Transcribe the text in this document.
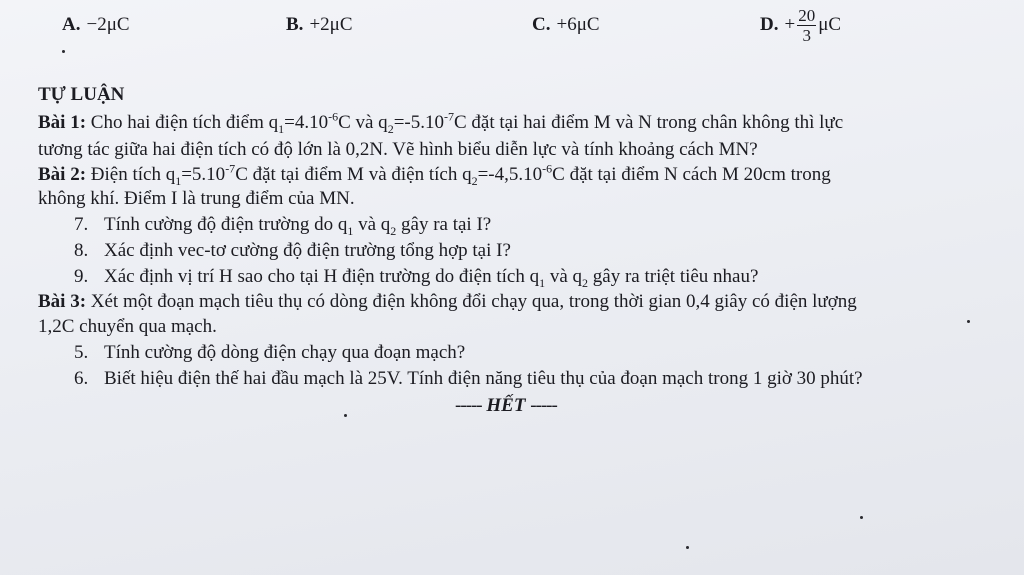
A. −2μC	B. +2μC	C. +6μC	D. + $\frac{20}{3}$ μC
TỰ LUẬN
Bài 1: Cho hai điện tích điểm $q_1=4.10^{-6}C$ và $q_2=-5.10^{-7}C$ đặt tại hai điểm M và N trong chân không thì lực
tương tác giữa hai điện tích có độ lớn là 0,2N. Vẽ hình biểu diễn lực và tính khoảng cách MN?
Bài 2: Điện tích $q_1=5.10^{-7}C$ đặt tại điểm M và điện tích $q_2=-4,5.10^{-6}C$ đặt tại điểm N cách M 20cm trong
không khí. Điểm I là trung điểm của MN.
7. Tính cường độ điện trường do $q_1$ và $q_2$ gây ra tại I?
8. Xác định vec-tơ cường độ điện trường tổng hợp tại I?
9. Xác định vị trí H sao cho tại H điện trường do điện tích $q_1$ và $q_2$ gây ra triệt tiêu nhau?
Bài 3: Xét một đoạn mạch tiêu thụ có dòng điện không đổi chạy qua, trong thời gian 0,4 giây có điện lượng
1,2C chuyển qua mạch.
5. Tính cường độ dòng điện chạy qua đoạn mạch?
6. Biết hiệu điện thế hai đầu mạch là 25V. Tính điện năng tiêu thụ của đoạn mạch trong 1 giờ 30 phút?
----- HẾT -----
